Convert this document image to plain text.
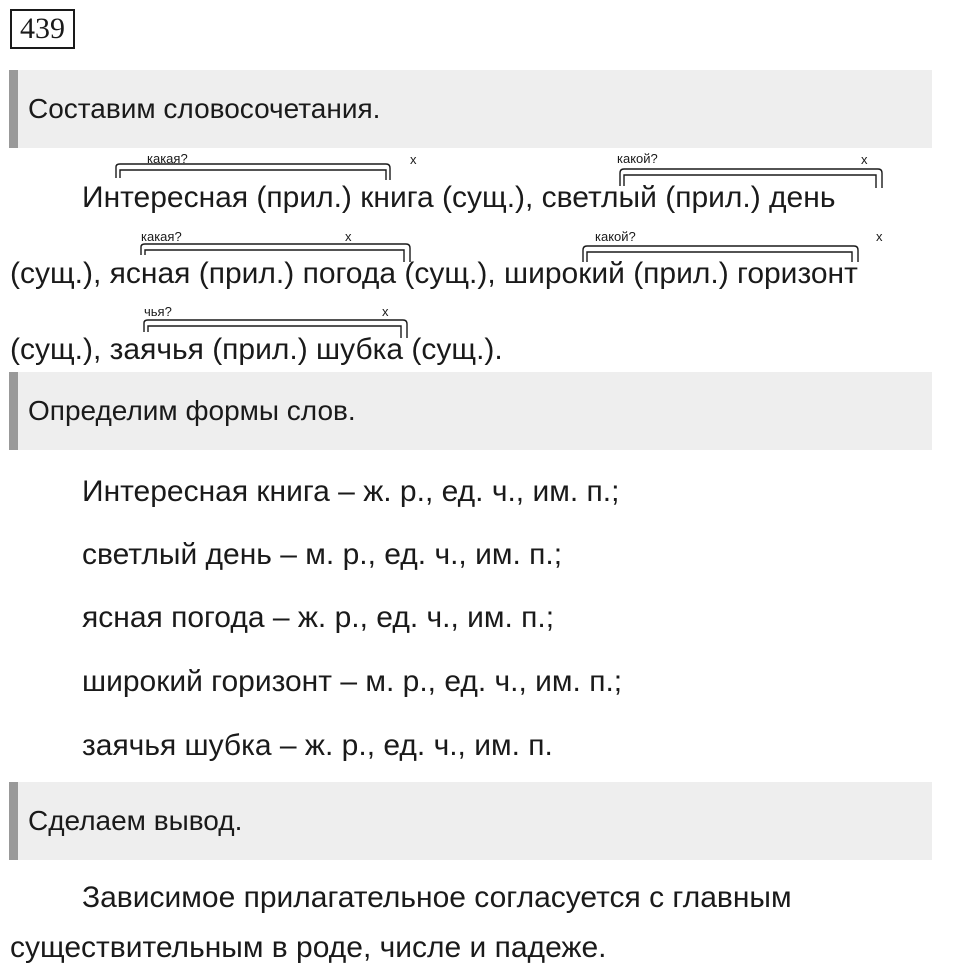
439
Составим словосочетания.
какая?	x	какой?	x
какая?	x	какой?	x
чья?	x
Интересная (прил.) книга (сущ.), светлый (прил.) день
(сущ.), ясная (прил.) погода (сущ.), широкий (прил.) горизонт
(сущ.), заячья (прил.) шубка (сущ.).
Определим формы слов.
Интересная книга – ж. р., ед. ч., им. п.;
светлый день – м. р., ед. ч., им. п.;
ясная погода – ж. р., ед. ч., им. п.;
широкий горизонт – м. р., ед. ч., им. п.;
заячья шубка – ж. р., ед. ч., им. п.
Сделаем вывод.
Зависимое прилагательное согласуется с главным
существительным в роде, числе и падеже.
